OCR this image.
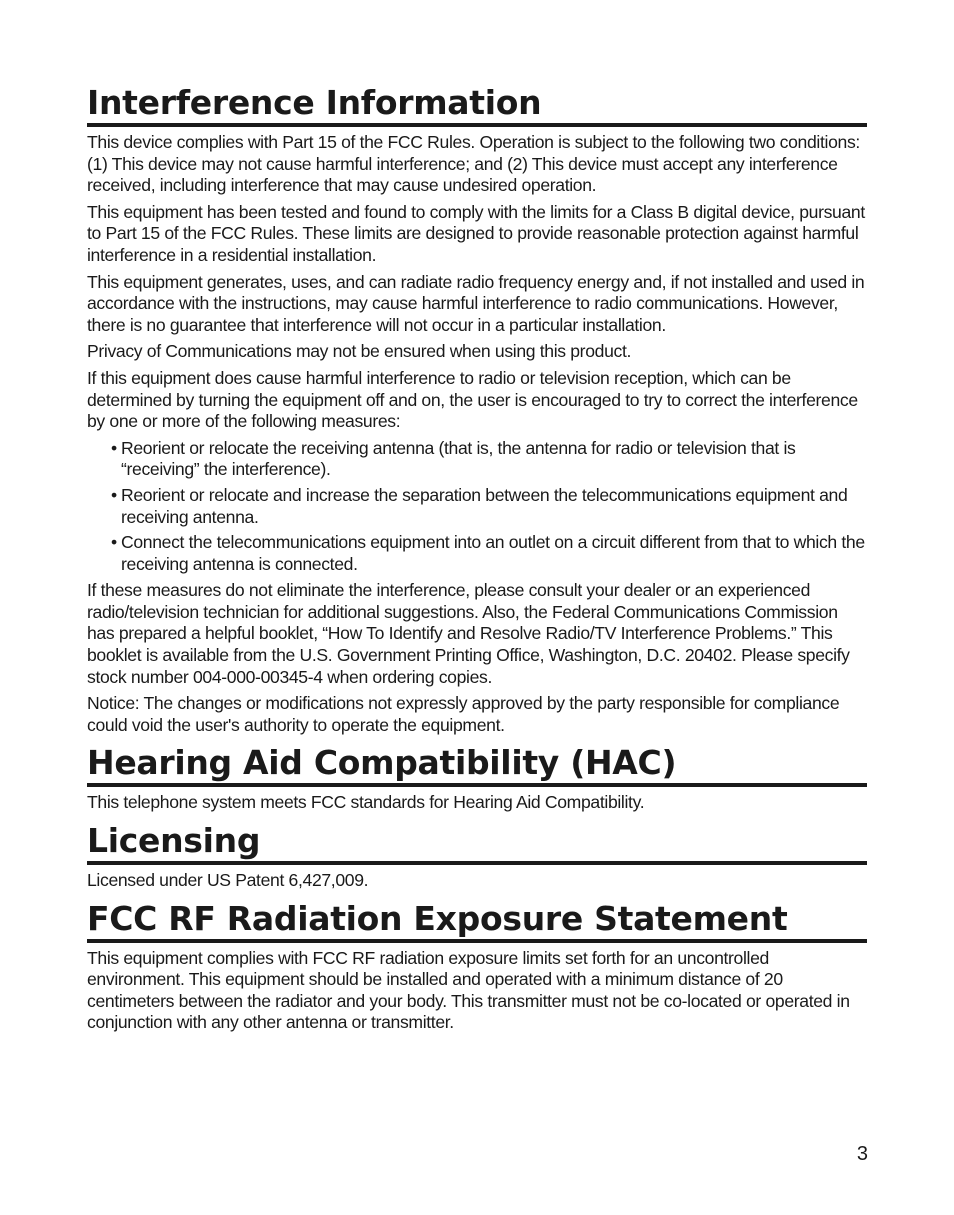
Interference Information

This device complies with Part 15 of the FCC Rules. Operation is subject to the following two conditions: (1) This device may not cause harmful interference; and (2) This device must accept any interference received, including interference that may cause undesired operation.

This equipment has been tested and found to comply with the limits for a Class B digital device, pursuant to Part 15 of the FCC Rules. These limits are designed to provide reasonable protection against harmful interference in a residential installation.

This equipment generates, uses, and can radiate radio frequency energy and, if not installed and used in accordance with the instructions, may cause harmful interference to radio communications. However, there is no guarantee that interference will not occur in a particular installation.

Privacy of Communications may not be ensured when using this product.

If this equipment does cause harmful interference to radio or television reception, which can be determined by turning the equipment off and on, the user is encouraged to try to correct the interference by one or more of the following measures:

• Reorient or relocate the receiving antenna (that is, the antenna for radio or television that is “receiving” the interference).
• Reorient or relocate and increase the separation between the telecommunications equipment and receiving antenna.
• Connect the telecommunications equipment into an outlet on a circuit different from that to which the receiving antenna is connected.

If these measures do not eliminate the interference, please consult your dealer or an experienced radio/television technician for additional suggestions. Also, the Federal Communications Commission has prepared a helpful booklet, “How To Identify and Resolve Radio/TV Interference Problems.” This booklet is available from the U.S. Government Printing Office, Washington, D.C. 20402. Please specify stock number 004-000-00345-4 when ordering copies.

Notice: The changes or modifications not expressly approved by the party responsible for compliance could void the user's authority to operate the equipment.

Hearing Aid Compatibility (HAC)

This telephone system meets FCC standards for Hearing Aid Compatibility.

Licensing

Licensed under US Patent 6,427,009.

FCC RF Radiation Exposure Statement

This equipment complies with FCC RF radiation exposure limits set forth for an uncontrolled environment. This equipment should be installed and operated with a minimum distance of 20 centimeters between the radiator and your body. This transmitter must not be co-located or operated in conjunction with any other antenna or transmitter.

3
